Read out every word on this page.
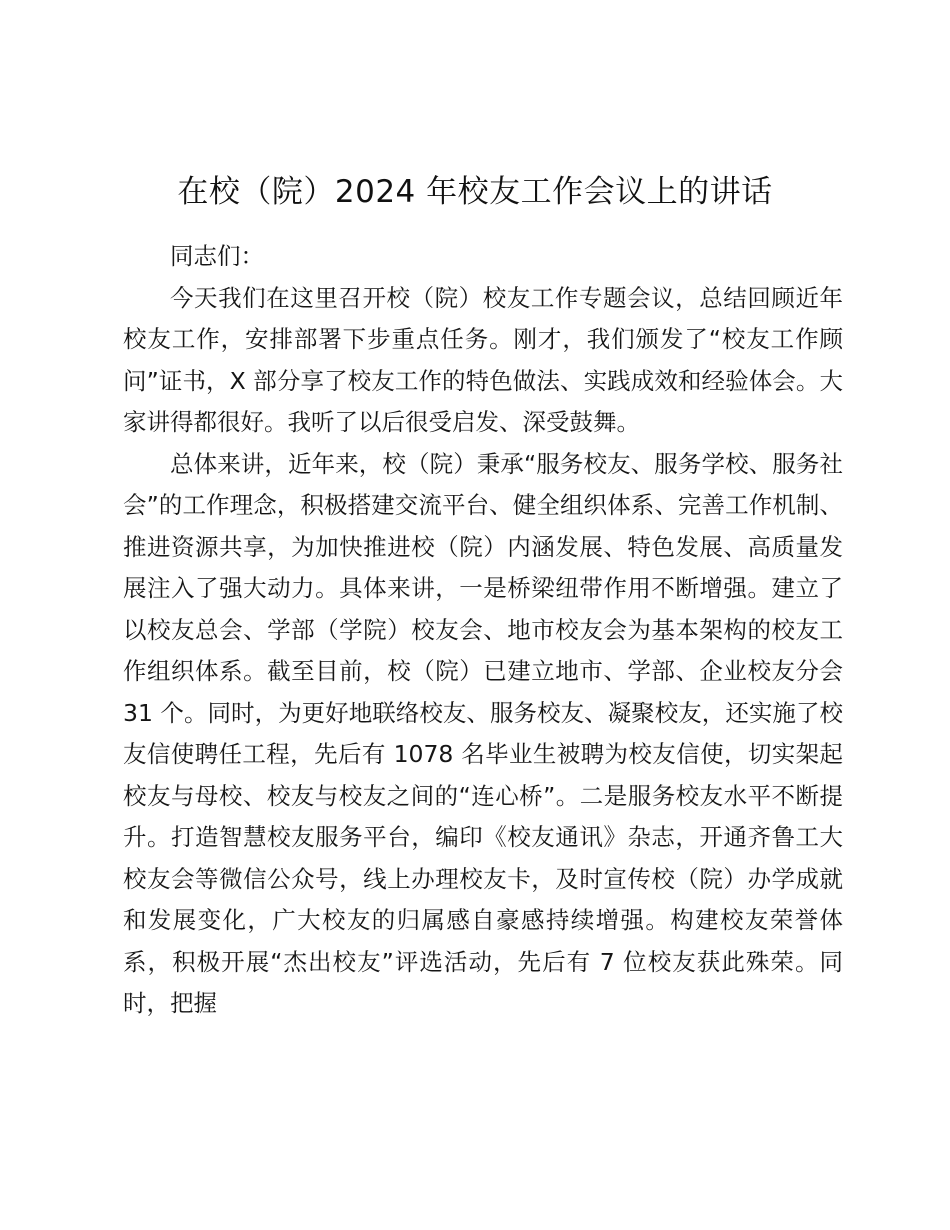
在校（院）2024 年校友工作会议上的讲话

同志们：

今天我们在这里召开校（院）校友工作专题会议，总结回顾近年校友工作，安排部署下步重点任务。刚才，我们颁发了“校友工作顾问”证书，X 部分享了校友工作的特色做法、实践成效和经验体会。大家讲得都很好。我听了以后很受启发、深受鼓舞。

总体来讲，近年来，校（院）秉承“服务校友、服务学校、服务社会”的工作理念，积极搭建交流平台、健全组织体系、完善工作机制、推进资源共享，为加快推进校（院）内涵发展、特色发展、高质量发展注入了强大动力。具体来讲，一是桥梁纽带作用不断增强。建立了以校友总会、学部（学院）校友会、地市校友会为基本架构的校友工作组织体系。截至目前，校（院）已建立地市、学部、企业校友分会 31 个。同时，为更好地联络校友、服务校友、凝聚校友，还实施了校友信使聘任工程，先后有 1078 名毕业生被聘为校友信使，切实架起校友与母校、校友与校友之间的“连心桥”。二是服务校友水平不断提升。打造智慧校友服务平台，编印《校友通讯》杂志，开通齐鲁工大校友会等微信公众号，线上办理校友卡，及时宣传校（院）办学成就和发展变化，广大校友的归属感自豪感持续增强。构建校友荣誉体系，积极开展“杰出校友”评选活动，先后有 7 位校友获此殊荣。同时，把握
